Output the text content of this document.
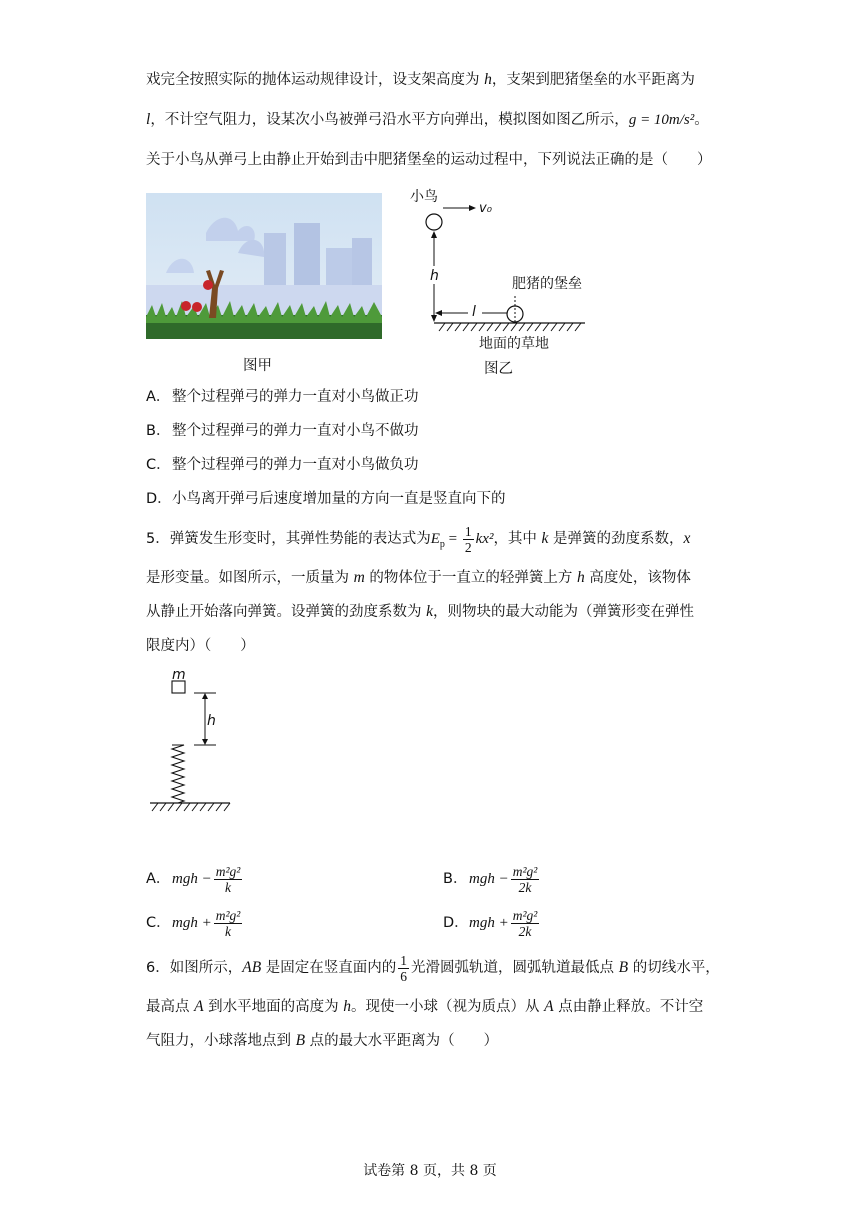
戏完全按照实际的抛体运动规律设计，设支架高度为 h，支架到肥猪堡垒的水平距离为
l，不计空气阻力，设某次小鸟被弹弓沿水平方向弹出，模拟图如图乙所示，g = 10m/s²。
关于小鸟从弹弓上由静止开始到击中肥猪堡垒的运动过程中，下列说法正确的是（　　）
图甲
小鸟
v₀
h
l
肥猪的堡垒
地面的草地
图乙
A． 整个过程弹弓的弹力一直对小鸟做正功
B． 整个过程弹弓的弹力一直对小鸟不做功
C．整个过程弹弓的弹力一直对小鸟做负功
D．小鸟离开弹弓后速度增加量的方向一直是竖直向下的
5．弹簧发生形变时，其弹性势能的表达式为$E_p = \frac{1}{2} kx^2$，其中 k 是弹簧的劲度系数，x
是形变量。如图所示，一质量为 m 的物体位于一直立的轻弹簧上方 h 高度处，该物体
从静止开始落向弹簧。设弹簧的劲度系数为 k，则物块的最大动能为（弹簧形变在弹性
限度内）（　　）
m
h
A． mgh − $\frac{\text{m²g²}}{k}$	B． mgh − $\frac{\text{m²g²}}{2k}$
C．mgh + $\frac{\text{m²g²}}{k}$	D．mgh + $\frac{\text{m²g²}}{2k}$
6．如图所示，AB 是固定在竖直面内的 $\frac{1}{6}$ 光滑圆弧轨道，圆弧轨道最低点 B 的切线水平，
最高点 A 到水平地面的高度为 h。现使一小球（视为质点）从 A 点由静止释放。不计空
气阻力，小球落地点到 B 点的最大水平距离为（　　）
试卷第 8 页，共 8 页
